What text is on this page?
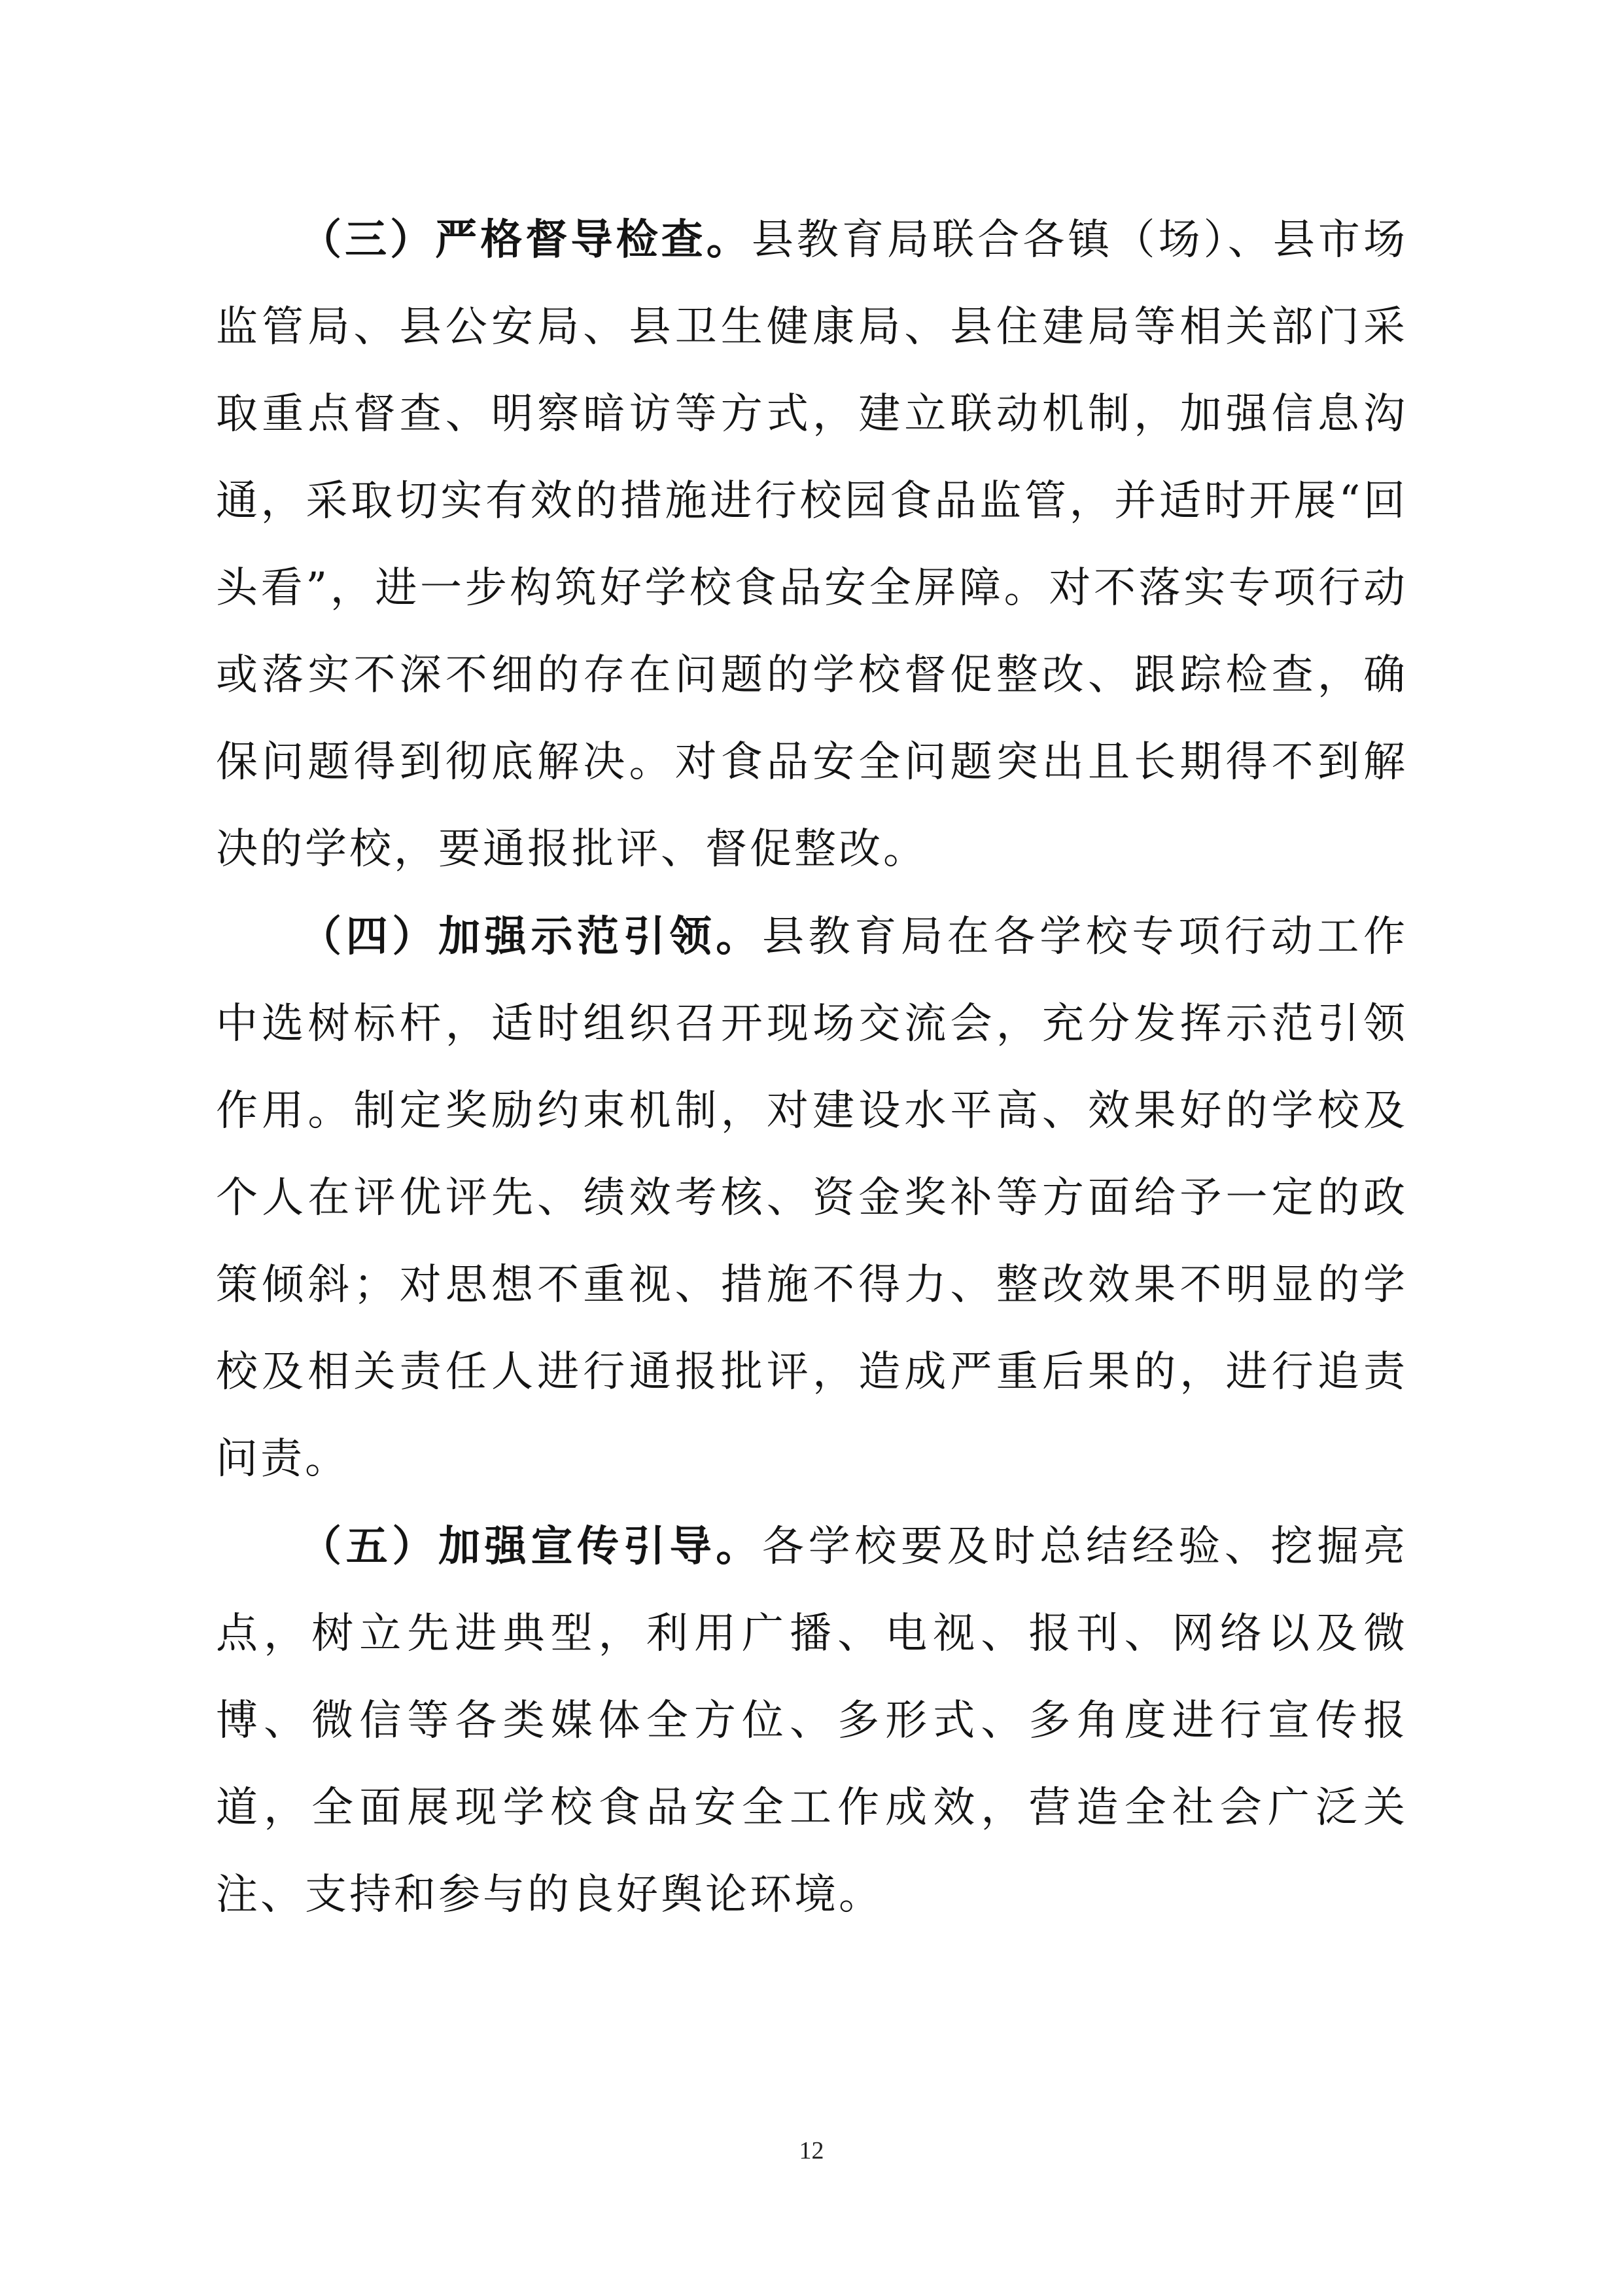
（三）严格督导检查。县教育局联合各镇（场）、县市场监管局、县公安局、县卫生健康局、县住建局等相关部门采取重点督查、明察暗访等方式，建立联动机制，加强信息沟通，采取切实有效的措施进行校园食品监管，并适时开展“回头看”，进一步构筑好学校食品安全屏障。对不落实专项行动或落实不深不细的存在问题的学校督促整改、跟踪检查，确保问题得到彻底解决。对食品安全问题突出且长期得不到解决的学校，要通报批评、督促整改。

（四）加强示范引领。县教育局在各学校专项行动工作中选树标杆，适时组织召开现场交流会，充分发挥示范引领作用。制定奖励约束机制，对建设水平高、效果好的学校及个人在评优评先、绩效考核、资金奖补等方面给予一定的政策倾斜；对思想不重视、措施不得力、整改效果不明显的学校及相关责任人进行通报批评，造成严重后果的，进行追责问责。

（五）加强宣传引导。各学校要及时总结经验、挖掘亮点，树立先进典型，利用广播、电视、报刊、网络以及微博、微信等各类媒体全方位、多形式、多角度进行宣传报道，全面展现学校食品安全工作成效，营造全社会广泛关注、支持和参与的良好舆论环境。

12
